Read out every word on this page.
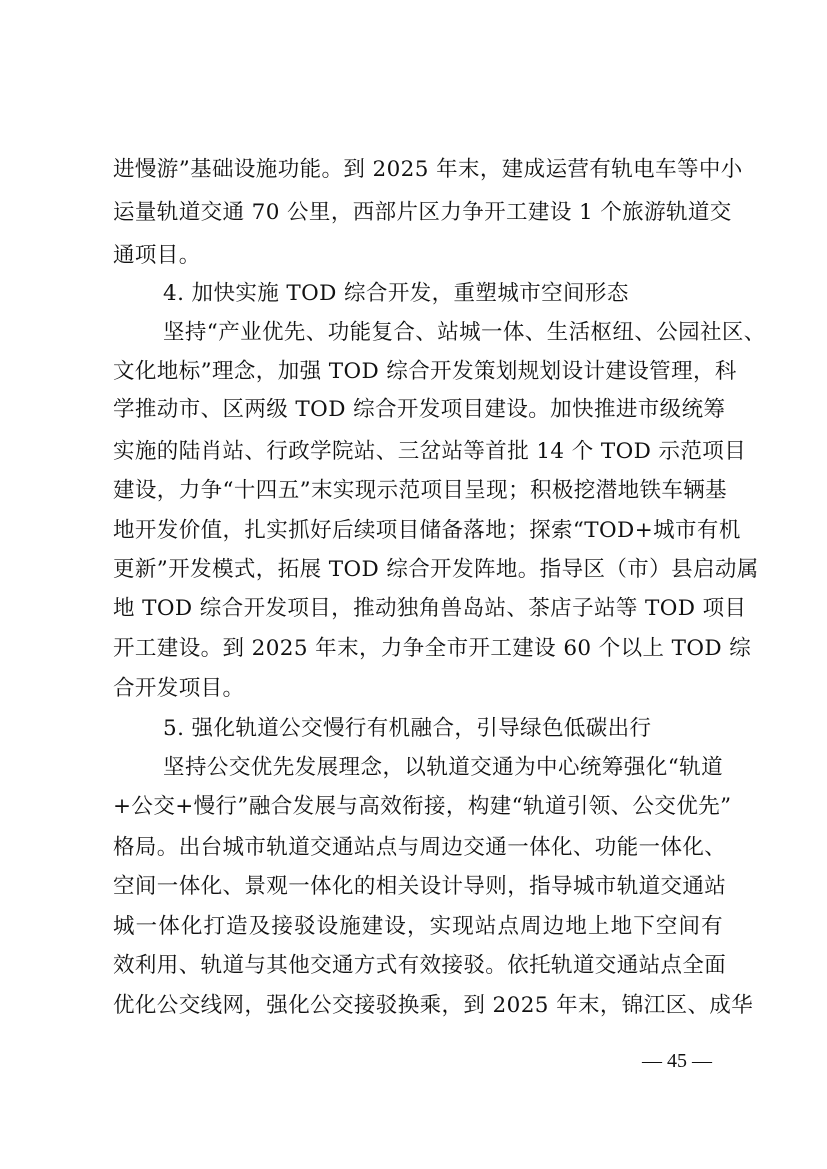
进慢游”基础设施功能。到 2025 年末，建成运营有轨电车等中小
运量轨道交通 70 公里，西部片区力争开工建设 1 个旅游轨道交
通项目。
4. 加快实施 TOD 综合开发，重塑城市空间形态
坚持“产业优先、功能复合、站城一体、生活枢纽、公园社区、
文化地标”理念，加强 TOD 综合开发策划规划设计建设管理，科
学推动市、区两级 TOD 综合开发项目建设。加快推进市级统筹
实施的陆肖站、行政学院站、三岔站等首批 14 个 TOD 示范项目
建设，力争“十四五”末实现示范项目呈现；积极挖潜地铁车辆基
地开发价值，扎实抓好后续项目储备落地；探索“TOD+城市有机
更新”开发模式，拓展 TOD 综合开发阵地。指导区（市）县启动属
地 TOD 综合开发项目，推动独角兽岛站、茶店子站等 TOD 项目
开工建设。到 2025 年末，力争全市开工建设 60 个以上 TOD 综
合开发项目。
5. 强化轨道公交慢行有机融合，引导绿色低碳出行
坚持公交优先发展理念，以轨道交通为中心统筹强化“轨道
+公交+慢行”融合发展与高效衔接，构建“轨道引领、公交优先”
格局。出台城市轨道交通站点与周边交通一体化、功能一体化、
空间一体化、景观一体化的相关设计导则，指导城市轨道交通站
城一体化打造及接驳设施建设，实现站点周边地上地下空间有
效利用、轨道与其他交通方式有效接驳。依托轨道交通站点全面
优化公交线网，强化公交接驳换乘，到 2025 年末，锦江区、成华
— 45 —
